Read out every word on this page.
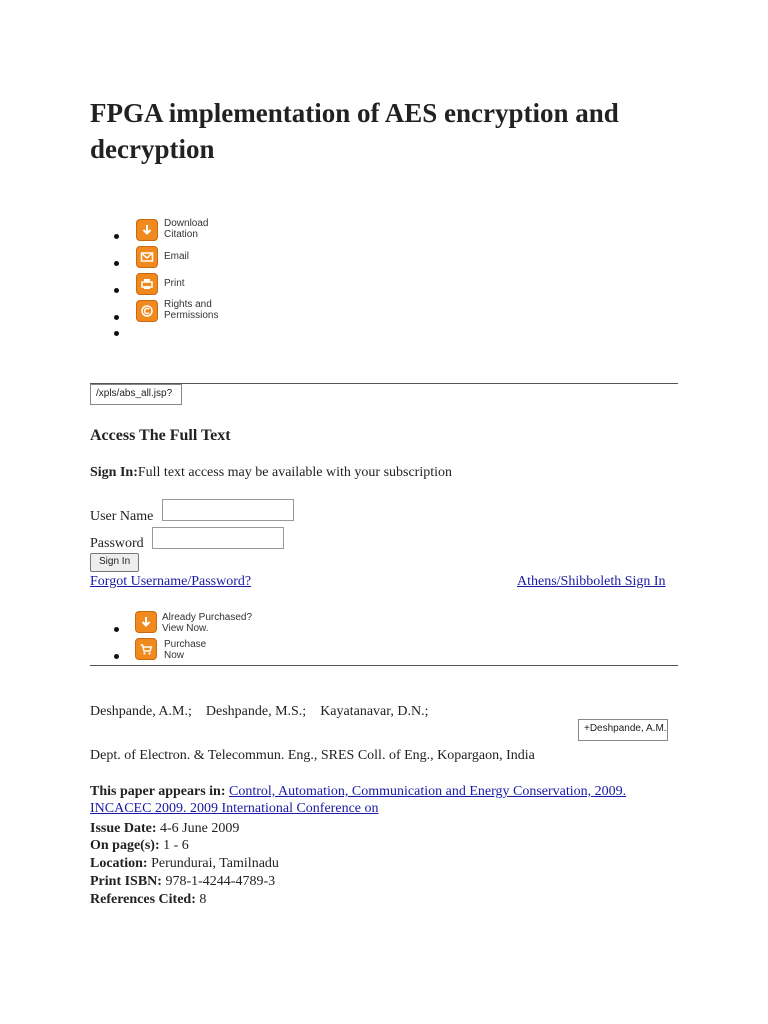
FPGA implementation of AES encryption and decryption
Download Citation
Email
Print
Rights and Permissions
/xpls/abs_all.jsp?
Access The Full Text
Sign In:Full text access may be available with your subscription
User Name
Password
Sign In
Forgot Username/Password?	Athens/Shibboleth Sign In
Already Purchased? View Now.
Purchase Now
Deshpande, A.M.;    Deshpande, M.S.;    Kayatanavar, D.N.;
+Deshpande, A.M.
Dept. of Electron. & Telecommun. Eng., SRES Coll. of Eng., Kopargaon, India
This paper appears in: Control, Automation, Communication and Energy Conservation, 2009. INCACEC 2009. 2009 International Conference on
Issue Date: 4-6 June 2009
On page(s): 1 - 6
Location: Perundurai, Tamilnadu
Print ISBN: 978-1-4244-4789-3
References Cited: 8
